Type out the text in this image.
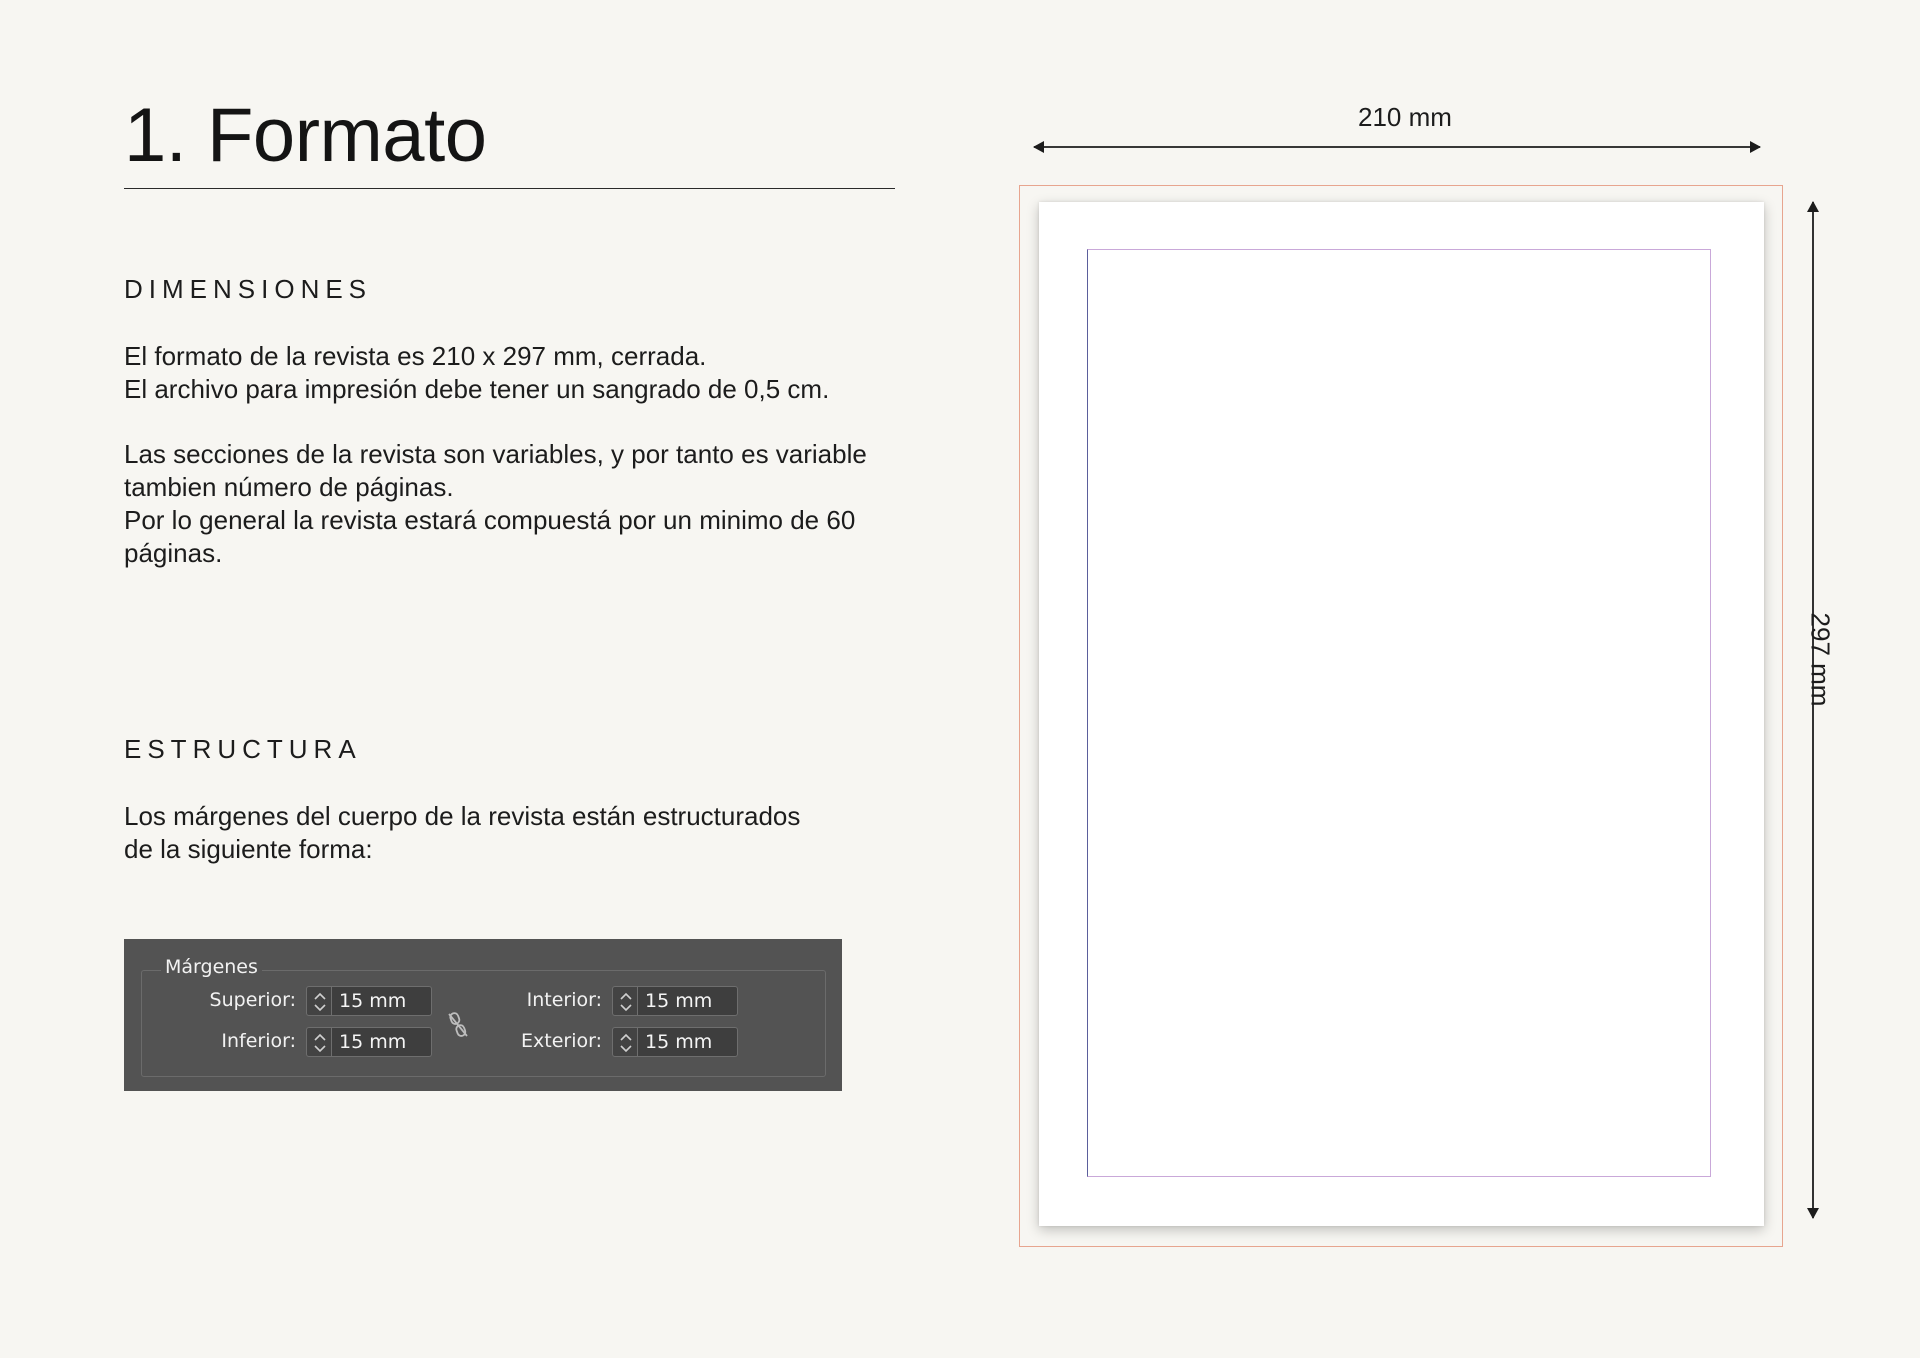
1. Formato
DIMENSIONES

El formato de la revista es 210 x 297 mm, cerrada.
El archivo para impresión debe tener un sangrado de 0,5 cm.

Las secciones de la revista son variables, y por tanto es variable
tambien número de páginas.
Por lo general la revista estará compuestá por un minimo de 60
páginas.

ESTRUCTURA

Los márgenes del cuerpo de la revista están estructurados
de la siguiente forma:

Márgenes
Superior:	15 mm
Inferior:	15 mm
Interior:	15 mm
Exterior:	15 mm
210 mm
297 mm
